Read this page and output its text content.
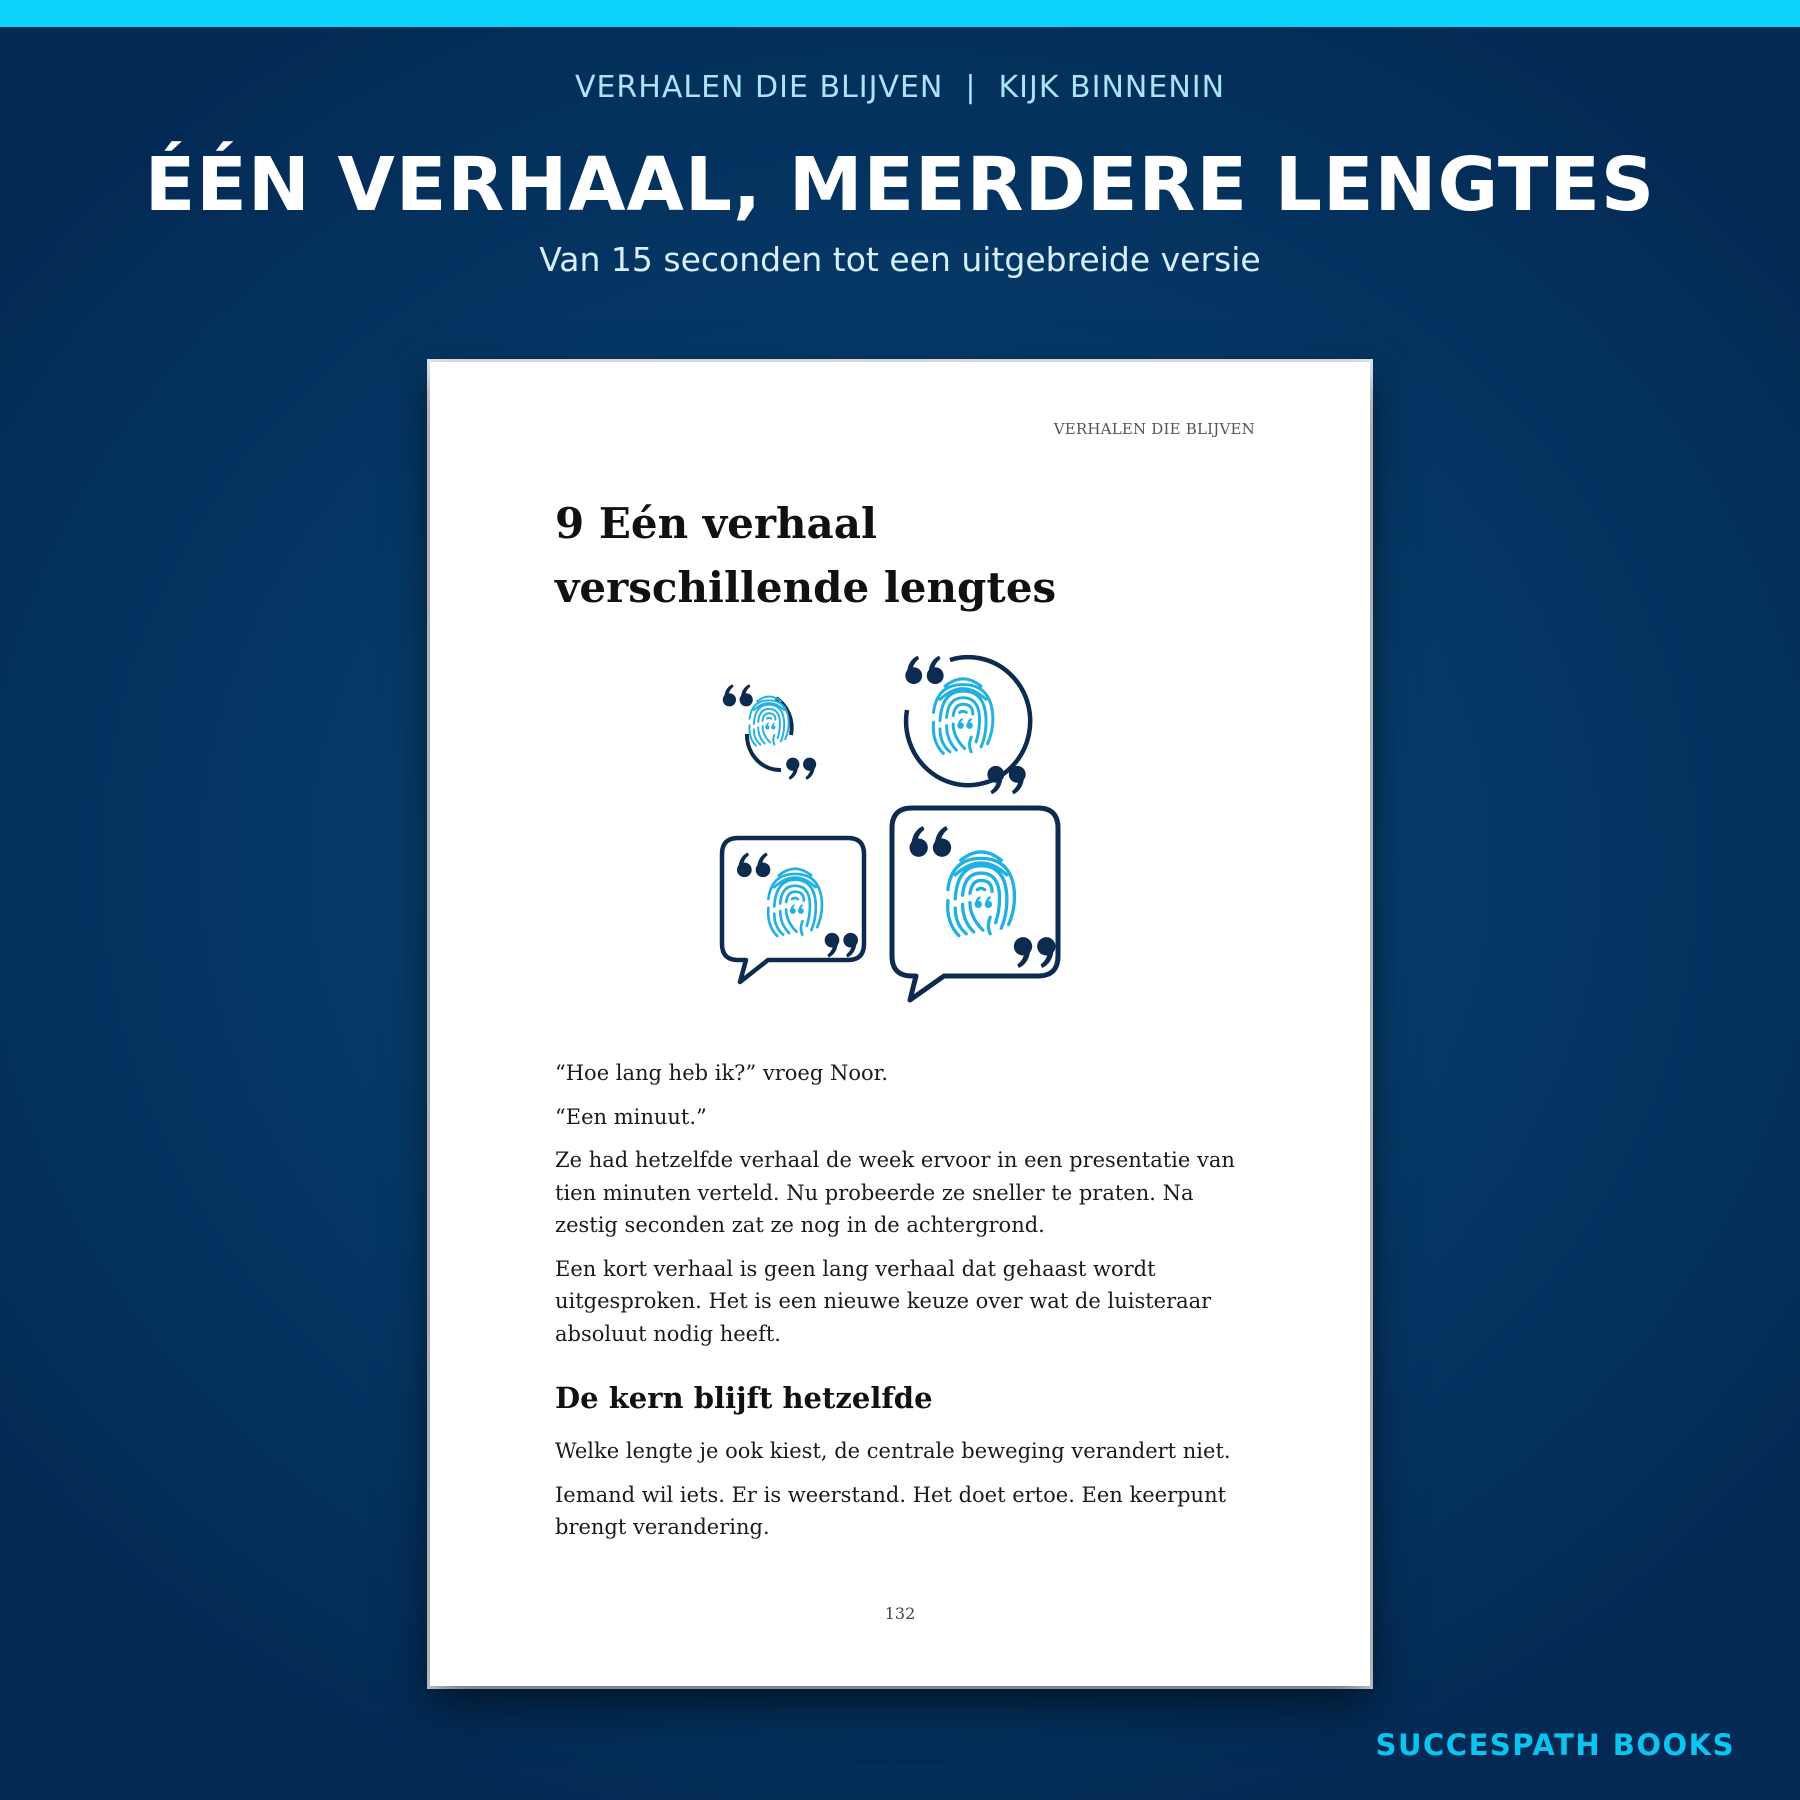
VERHALEN DIE BLIJVEN | KIJK BINNENIN
ÉÉN VERHAAL, MEERDERE LENGTES
Van 15 seconden tot een uitgebreide versie
VERHALEN DIE BLIJVEN
9 Eén verhaal verschillende lengtes

“Hoe lang heb ik?” vroeg Noor.

“Een minuut.”

Ze had hetzelfde verhaal de week ervoor in een presentatie van tien minuten verteld. Nu probeerde ze sneller te praten. Na zestig seconden zat ze nog in de achtergrond.

Een kort verhaal is geen lang verhaal dat gehaast wordt uitgesproken. Het is een nieuwe keuze over wat de luisteraar absoluut nodig heeft.

De kern blijft hetzelfde

Welke lengte je ook kiest, de centrale beweging verandert niet.

Iemand wil iets. Er is weerstand. Het doet ertoe. Een keerpunt brengt verandering.

132
SUCCESPATH BOOKS
